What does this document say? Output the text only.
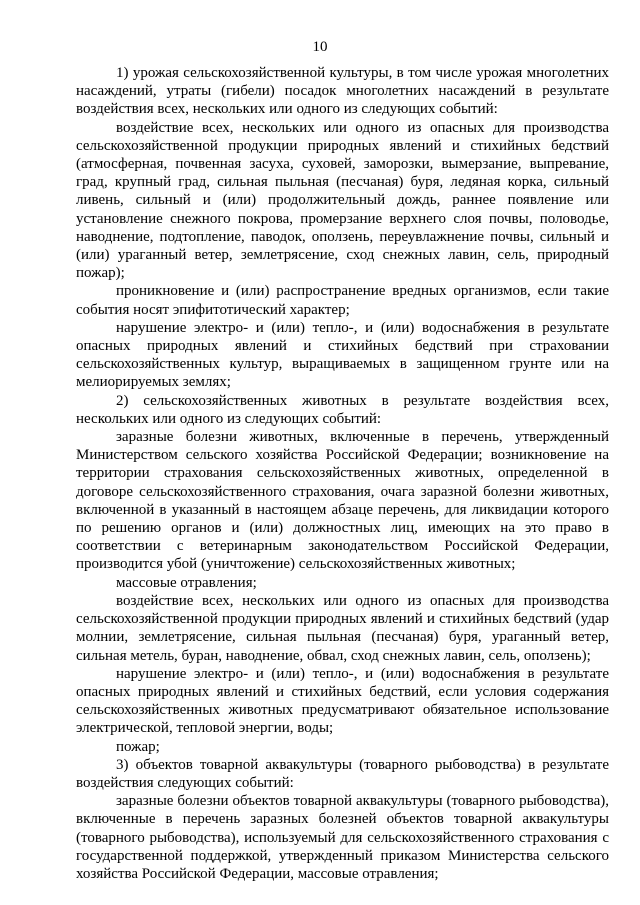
10

1) урожая сельскохозяйственной культуры, в том числе урожая многолетних насаждений, утраты (гибели) посадок многолетних насаждений в результате воздействия всех, нескольких или одного из следующих событий:

воздействие всех, нескольких или одного из опасных для производства сельскохозяйственной продукции природных явлений и стихийных бедствий (атмосферная, почвенная засуха, суховей, заморозки, вымерзание, выпревание, град, крупный град, сильная пыльная (песчаная) буря, ледяная корка, сильный ливень, сильный и (или) продолжительный дождь, раннее появление или установление снежного покрова, промерзание верхнего слоя почвы, половодье, наводнение, подтопление, паводок, оползень, переувлажнение почвы, сильный и (или) ураганный ветер, землетрясение, сход снежных лавин, сель, природный пожар);

проникновение и (или) распространение вредных организмов, если такие события носят эпифитотический характер;

нарушение электро- и (или) тепло-, и (или) водоснабжения в результате опасных природных явлений и стихийных бедствий при страховании сельскохозяйственных культур, выращиваемых в защищенном грунте или на мелиорируемых землях;

2) сельскохозяйственных животных в результате воздействия всех, нескольких или одного из следующих событий:

заразные болезни животных, включенные в перечень, утвержденный Министерством сельского хозяйства Российской Федерации; возникновение на территории страхования сельскохозяйственных животных, определенной в договоре сельскохозяйственного страхования, очага заразной болезни животных, включенной в указанный в настоящем абзаце перечень, для ликвидации которого по решению органов и (или) должностных лиц, имеющих на это право в соответствии с ветеринарным законодательством Российской Федерации, производится убой (уничтожение) сельскохозяйственных животных;

массовые отравления;

воздействие всех, нескольких или одного из опасных для производства сельскохозяйственной продукции природных явлений и стихийных бедствий (удар молнии, землетрясение, сильная пыльная (песчаная) буря, ураганный ветер, сильная метель, буран, наводнение, обвал, сход снежных лавин, сель, оползень);

нарушение электро- и (или) тепло-, и (или) водоснабжения в результате опасных природных явлений и стихийных бедствий, если условия содержания сельскохозяйственных животных предусматривают обязательное использование электрической, тепловой энергии, воды;

пожар;

3) объектов товарной аквакультуры (товарного рыбоводства) в результате воздействия следующих событий:

заразные болезни объектов товарной аквакультуры (товарного рыбоводства), включенные в перечень заразных болезней объектов товарной аквакультуры (товарного рыбоводства), используемый для сельскохозяйственного страхования с государственной поддержкой, утвержденный приказом Министерства сельского хозяйства Российской Федерации, массовые отравления;
